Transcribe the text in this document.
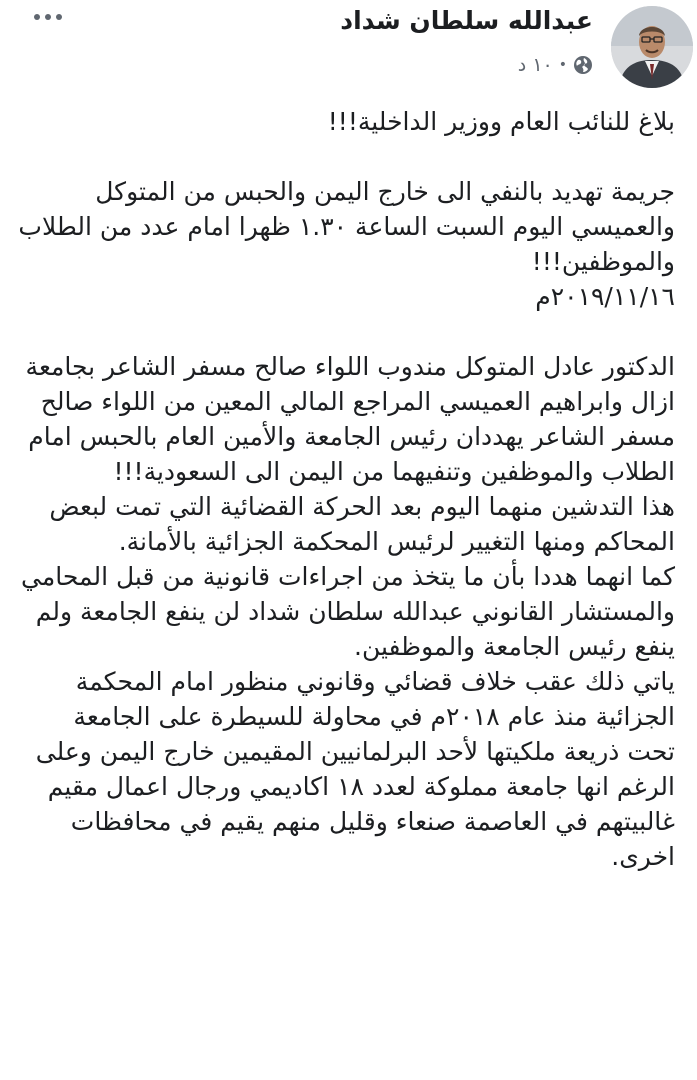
عبدالله سلطان شداد
١٠ د •

بلاغ للنائب العام ووزير الداخلية!!!

جريمة تهديد بالنفي الى خارج اليمن والحبس من المتوكل والعميسي اليوم السبت الساعة ١.٣٠ ظهرا امام عدد من الطلاب والموظفين!!!

٢٠١٩/١١/١٦م

الدكتور عادل المتوكل مندوب اللواء صالح مسفر الشاعر بجامعة ازال وابراهيم العميسي المراجع المالي المعين من اللواء صالح مسفر الشاعر يهددان رئيس الجامعة والأمين العام بالحبس امام الطلاب والموظفين وتنفيهما من اليمن الى السعودية!!!

هذا التدشين منهما اليوم بعد الحركة القضائية التي تمت لبعض المحاكم ومنها التغيير لرئيس المحكمة الجزائية بالأمانة.

كما انهما هددا بأن ما يتخذ من اجراءات قانونية من قبل المحامي والمستشار القانوني عبدالله سلطان شداد لن ينفع الجامعة ولم ينفع رئيس الجامعة والموظفين.

ياتي ذلك عقب خلاف قضائي وقانوني منظور امام المحكمة الجزائية منذ عام ٢٠١٨م في محاولة للسيطرة على الجامعة تحت ذريعة ملكيتها لأحد البرلمانيين المقيمين خارج اليمن وعلى الرغم انها جامعة مملوكة لعدد ١٨ اكاديمي ورجال اعمال مقيم غالبيتهم في العاصمة صنعاء وقليل منهم يقيم في محافظات اخرى.
